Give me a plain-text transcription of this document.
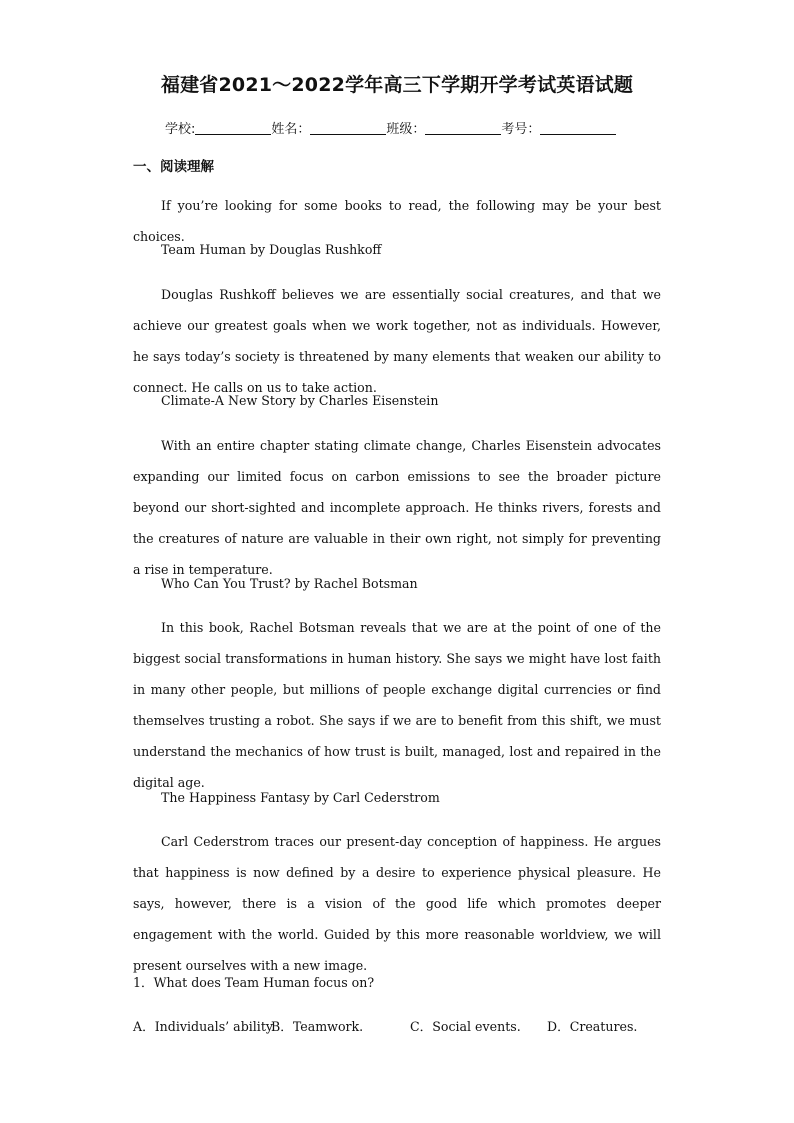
福建省2021～2022学年高三下学期开学考试英语试题
学校:	姓名：	班级：	考号：
一、阅读理解

If you’re looking for some books to read, the following may be your best choices.

Team Human by Douglas Rushkoff

Douglas Rushkoff believes we are essentially social creatures, and that we achieve our greatest goals when we work together, not as individuals. However, he says today’s society is threatened by many elements that weaken our ability to connect. He calls on us to take action.

Climate-A New Story by Charles Eisenstein

With an entire chapter stating climate change, Charles Eisenstein advocates expanding our limited focus on carbon emissions to see the broader picture beyond our short-sighted and incomplete approach. He thinks rivers, forests and the creatures of nature are valuable in their own right, not simply for preventing a rise in temperature.

Who Can You Trust? by Rachel Botsman

In this book, Rachel Botsman reveals that we are at the point of one of the biggest social transformations in human history. She says we might have lost faith in many other people, but millions of people exchange digital currencies or find themselves trusting a robot. She says if we are to benefit from this shift, we must understand the mechanics of how trust is built, managed, lost and repaired in the digital age.

The Happiness Fantasy by Carl Cederstrom

Carl Cederstrom traces our present-day conception of happiness. He argues that happiness is now defined by a desire to experience physical pleasure. He says, however, there is a vision of the good life which promotes deeper engagement with the world. Guided by this more reasonable worldview, we will present ourselves with a new image.

1．What does Team Human focus on?
A．Individuals’ ability.
B．Teamwork.	C．Social events. D．Creatures.
